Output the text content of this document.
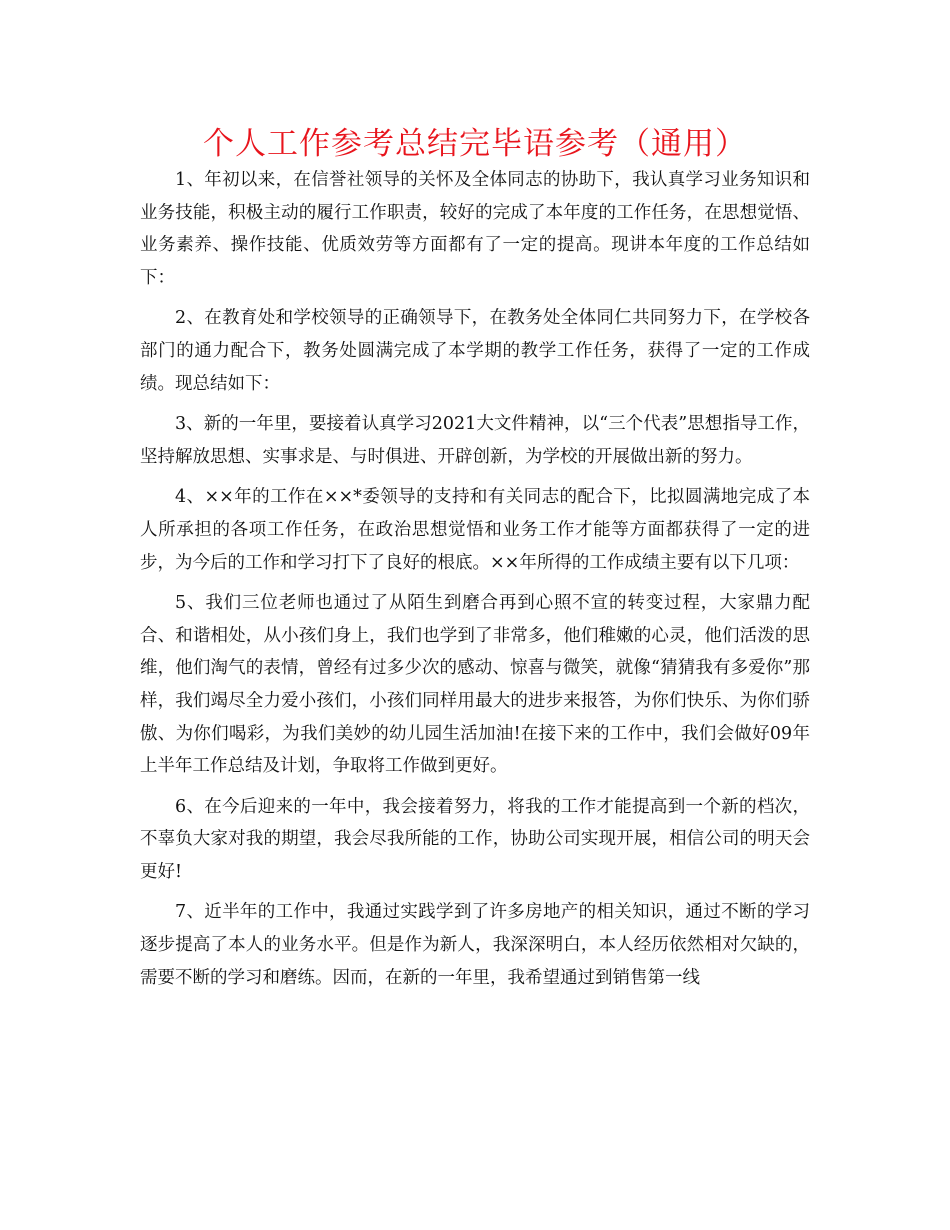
个人工作参考总结完毕语参考（通用）

1、年初以来，在信誉社领导的关怀及全体同志的协助下，我认真学习业务知识和业务技能，积极主动的履行工作职责，较好的完成了本年度的工作任务，在思想觉悟、业务素养、操作技能、优质效劳等方面都有了一定的提高。现讲本年度的工作总结如下：

2、在教育处和学校领导的正确领导下，在教务处全体同仁共同努力下，在学校各部门的通力配合下，教务处圆满完成了本学期的教学工作任务，获得了一定的工作成绩。现总结如下：

3、新的一年里，要接着认真学习2021大文件精神，以“三个代表”思想指导工作，坚持解放思想、实事求是、与时俱进、开辟创新，为学校的开展做出新的努力。

4、××年的工作在××*委领导的支持和有关同志的配合下，比拟圆满地完成了本人所承担的各项工作任务，在政治思想觉悟和业务工作才能等方面都获得了一定的进步，为今后的工作和学习打下了良好的根底。××年所得的工作成绩主要有以下几项：

5、我们三位老师也通过了从陌生到磨合再到心照不宣的转变过程，大家鼎力配合、和谐相处，从小孩们身上，我们也学到了非常多，他们稚嫩的心灵，他们活泼的思维，他们淘气的表情，曾经有过多少次的感动、惊喜与微笑，就像“猜猜我有多爱你”那样，我们竭尽全力爱小孩们，小孩们同样用最大的进步来报答，为你们快乐、为你们骄傲、为你们喝彩，为我们美妙的幼儿园生活加油!在接下来的工作中，我们会做好09年上半年工作总结及计划，争取将工作做到更好。

6、在今后迎来的一年中，我会接着努力，将我的工作才能提高到一个新的档次，不辜负大家对我的期望，我会尽我所能的工作，协助公司实现开展，相信公司的明天会更好!

7、近半年的工作中，我通过实践学到了许多房地产的相关知识，通过不断的学习逐步提高了本人的业务水平。但是作为新人，我深深明白，本人经历依然相对欠缺的，需要不断的学习和磨练。因而，在新的一年里，我希望通过到销售第一线
